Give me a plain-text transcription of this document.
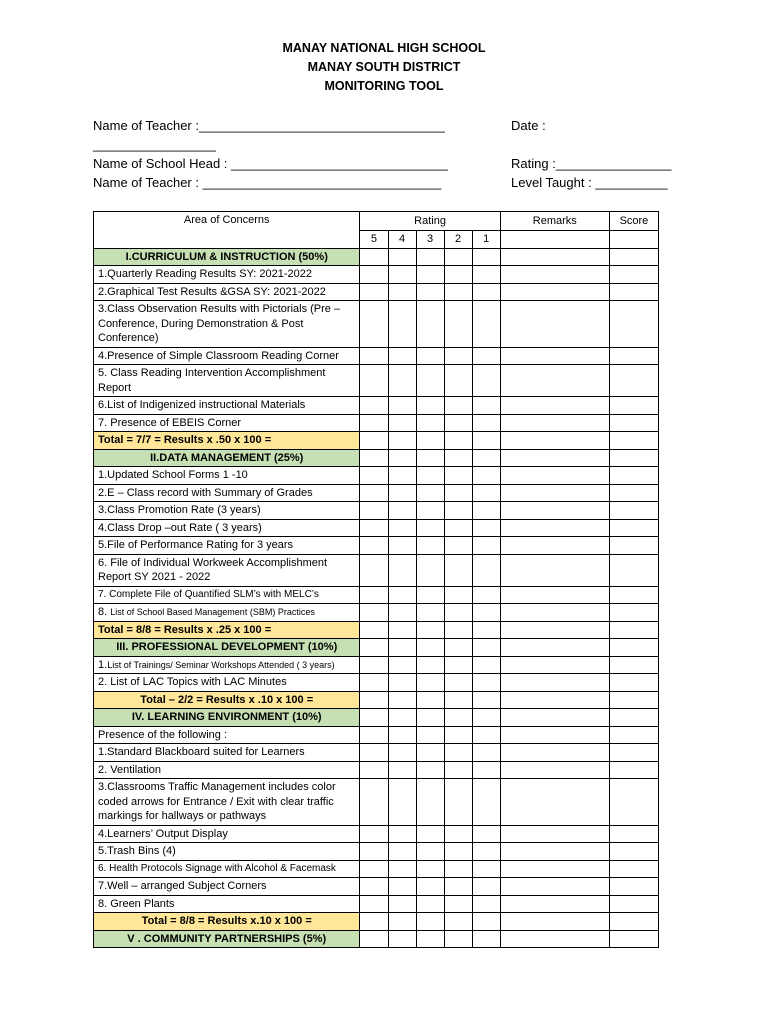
MANAY NATIONAL HIGH SCHOOL
MANAY SOUTH DISTRICT
MONITORING TOOL
Name of Teacher :__________________________________	Date :
_________________
Name of School Head : ______________________________	Rating :________________
Name of Teacher : _________________________________	Level Taught : __________
Area of Concerns	Rating					Remarks	Score
	5	4	3	2	1		
I.CURRICULUM & INSTRUCTION (50%)							
1.Quarterly Reading Results SY: 2021-2022							
2.Graphical Test Results &GSA SY: 2021-2022							
3.Class Observation Results with Pictorials (Pre –Conference, During Demonstration & Post Conference)							
4.Presence of Simple Classroom Reading Corner							
5. Class Reading Intervention Accomplishment Report							
6.List of Indigenized instructional Materials							
7. Presence of EBEIS Corner							
Total = 7/7 = Results x .50 x 100 =							
II.DATA MANAGEMENT (25%)							
1.Updated School Forms 1 -10							
2.E – Class record with Summary of Grades							
3.Class Promotion Rate (3 years)							
4.Class Drop –out Rate ( 3 years)							
5.File of Performance Rating for 3 years							
6. File of Individual Workweek Accomplishment Report SY 2021 - 2022							
7. Complete File of Quantified SLM’s with MELC’s							
8. List of School Based Management (SBM) Practices							
Total = 8/8 = Results x .25 x 100 =							
III. PROFESSIONAL DEVELOPMENT (10%)							
1.List of Trainings/ Seminar Workshops Attended ( 3 years)							
2. List of LAC Topics with LAC Minutes							
Total – 2/2 = Results x .10 x 100 =							
IV. LEARNING ENVIRONMENT (10%)							
Presence of the following :							
1.Standard Blackboard suited for Learners							
2. Ventilation							
3.Classrooms Traffic Management includes color coded arrows for Entrance / Exit with clear traffic markings for hallways or pathways							
4.Learners’ Output Display							
5.Trash Bins (4)							
6. Health Protocols Signage with Alcohol & Facemask							
7.Well – arranged Subject Corners							
8. Green Plants							
Total = 8/8 = Results x.10 x 100 =							
V . COMMUNITY PARTNERSHIPS (5%)							
